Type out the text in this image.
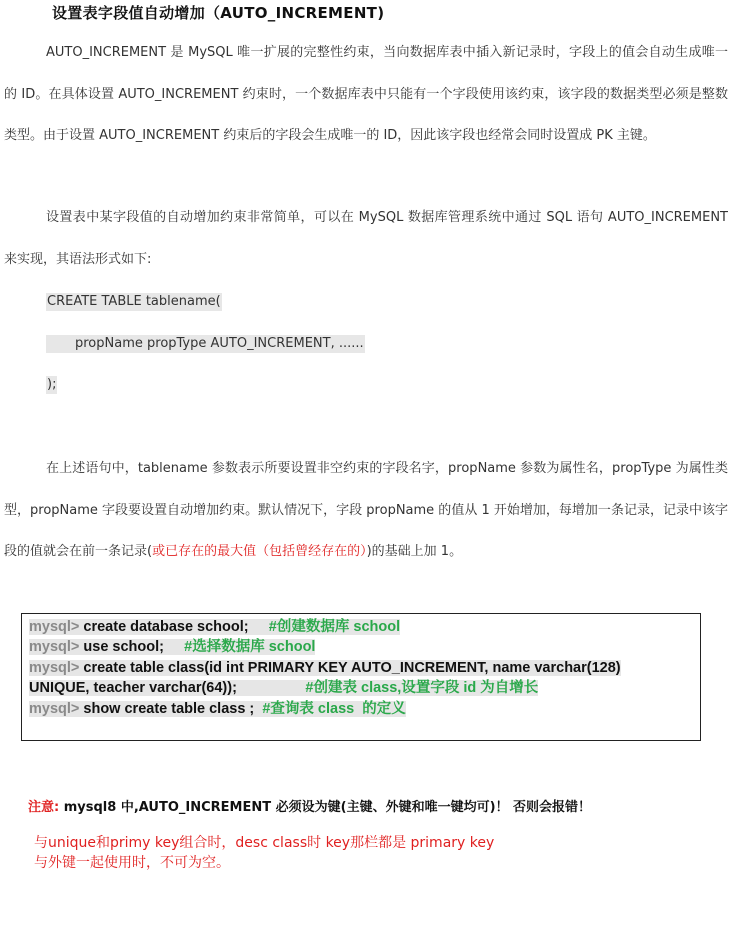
设置表字段值自动增加（AUTO_INCREMENT)

AUTO_INCREMENT 是 MySQL 唯一扩展的完整性约束，当向数据库表中插入新记录时，字段上的值会自动生成唯一的 ID。在具体设置 AUTO_INCREMENT 约束时，一个数据库表中只能有一个字段使用该约束，该字段的数据类型必须是整数类型。由于设置 AUTO_INCREMENT 约束后的字段会生成唯一的 ID，因此该字段也经常会同时设置成 PK 主键。

设置表中某字段值的自动增加约束非常简单，可以在 MySQL 数据库管理系统中通过 SQL 语句 AUTO_INCREMENT 来实现，其语法形式如下:

CREATE TABLE tablename(
propName propType AUTO_INCREMENT, ......
);

在上述语句中，tablename 参数表示所要设置非空约束的字段名字，propName 参数为属性名，propType 为属性类型，propName 字段要设置自动增加约束。默认情况下，字段 propName 的值从 1 开始增加，每增加一条记录，记录中该字段的值就会在前一条记录(或已存在的最大值（包括曾经存在的）)的基础上加 1。

mysql> create database school; #创建数据库 school
mysql> use school; #选择数据库 school
mysql> create table class(id int PRIMARY KEY AUTO_INCREMENT, name varchar(128)
UNIQUE, teacher varchar(64));	#创建表 class,设置字段 id 为自增长
mysql> show create table class ; #查询表 class  的定义
注意: mysql8 中,AUTO_INCREMENT 必须设为键(主键、外键和唯一键均可)！ 否则会报错！
与unique和primy key组合时，desc class时 key那栏都是 primary key
与外键一起使用时，不可为空。
